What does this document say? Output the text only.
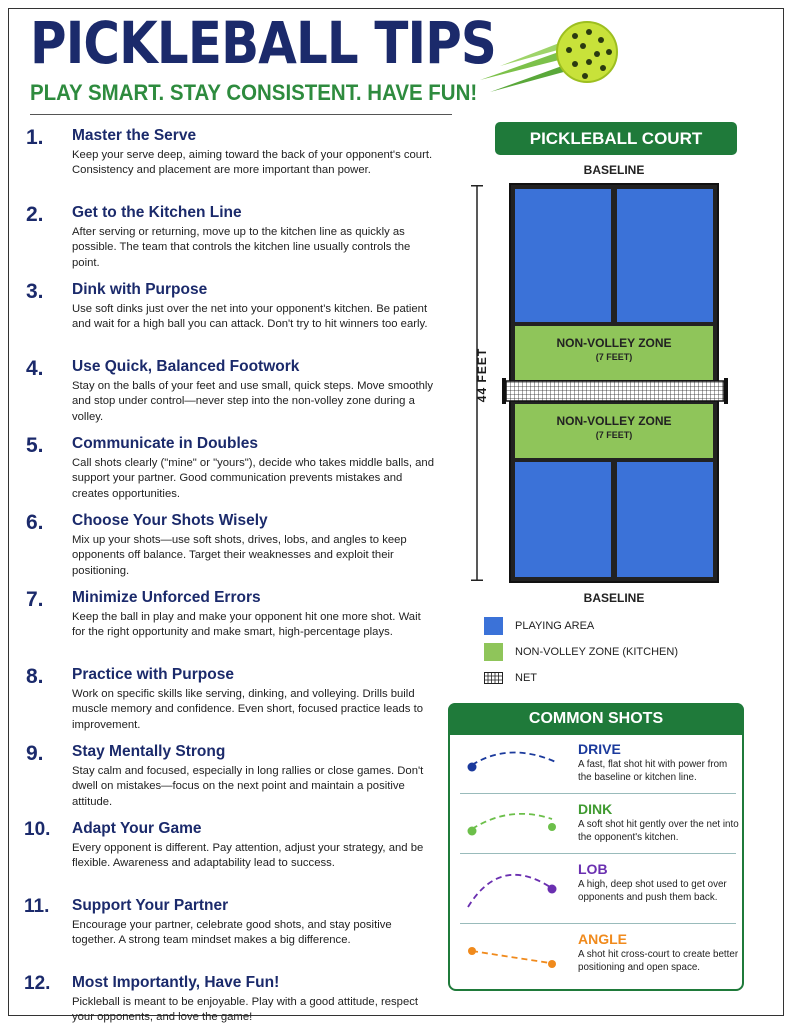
PICKLEBALL TIPS
PLAY SMART. STAY CONSISTENT. HAVE FUN!
1. Master the Serve
Keep your serve deep, aiming toward the back of your opponent's court. Consistency and placement are more important than power.
2. Get to the Kitchen Line
After serving or returning, move up to the kitchen line as quickly as possible. The team that controls the kitchen line usually controls the point.
3. Dink with Purpose
Use soft dinks just over the net into your opponent's kitchen. Be patient and wait for a high ball you can attack. Don't try to hit winners too early.
4. Use Quick, Balanced Footwork
Stay on the balls of your feet and use small, quick steps. Move smoothly and stop under control—never step into the non-volley zone during a volley.
5. Communicate in Doubles
Call shots clearly ("mine" or "yours"), decide who takes middle balls, and support your partner. Good communication prevents mistakes and creates opportunities.
6. Choose Your Shots Wisely
Mix up your shots—use soft shots, drives, lobs, and angles to keep opponents off balance. Target their weaknesses and exploit their positioning.
7. Minimize Unforced Errors
Keep the ball in play and make your opponent hit one more shot. Wait for the right opportunity and make smart, high-percentage plays.
8. Practice with Purpose
Work on specific skills like serving, dinking, and volleying. Drills build muscle memory and confidence. Even short, focused practice leads to improvement.
9. Stay Mentally Strong
Stay calm and focused, especially in long rallies or close games. Don't dwell on mistakes—focus on the next point and maintain a positive attitude.
10. Adapt Your Game
Every opponent is different. Pay attention, adjust your strategy, and be flexible. Awareness and adaptability lead to success.
11. Support Your Partner
Encourage your partner, celebrate good shots, and stay positive together. A strong team mindset makes a big difference.
12. Most Importantly, Have Fun!
Pickleball is meant to be enjoyable. Play with a good attitude, respect your opponents, and love the game!
PICKLEBALL COURT
BASELINE
44 FEET
NON-VOLLEY ZONE
(7 FEET)
NON-VOLLEY ZONE
(7 FEET)
BASELINE
PLAYING AREA
NON-VOLLEY ZONE (KITCHEN)
NET
COMMON SHOTS
DRIVE
A fast, flat shot hit with power from the baseline or kitchen line.
DINK
A soft shot hit gently over the net into the opponent's kitchen.
LOB
A high, deep shot used to get over opponents and push them back.
ANGLE
A shot hit cross-court to create better positioning and open space.
